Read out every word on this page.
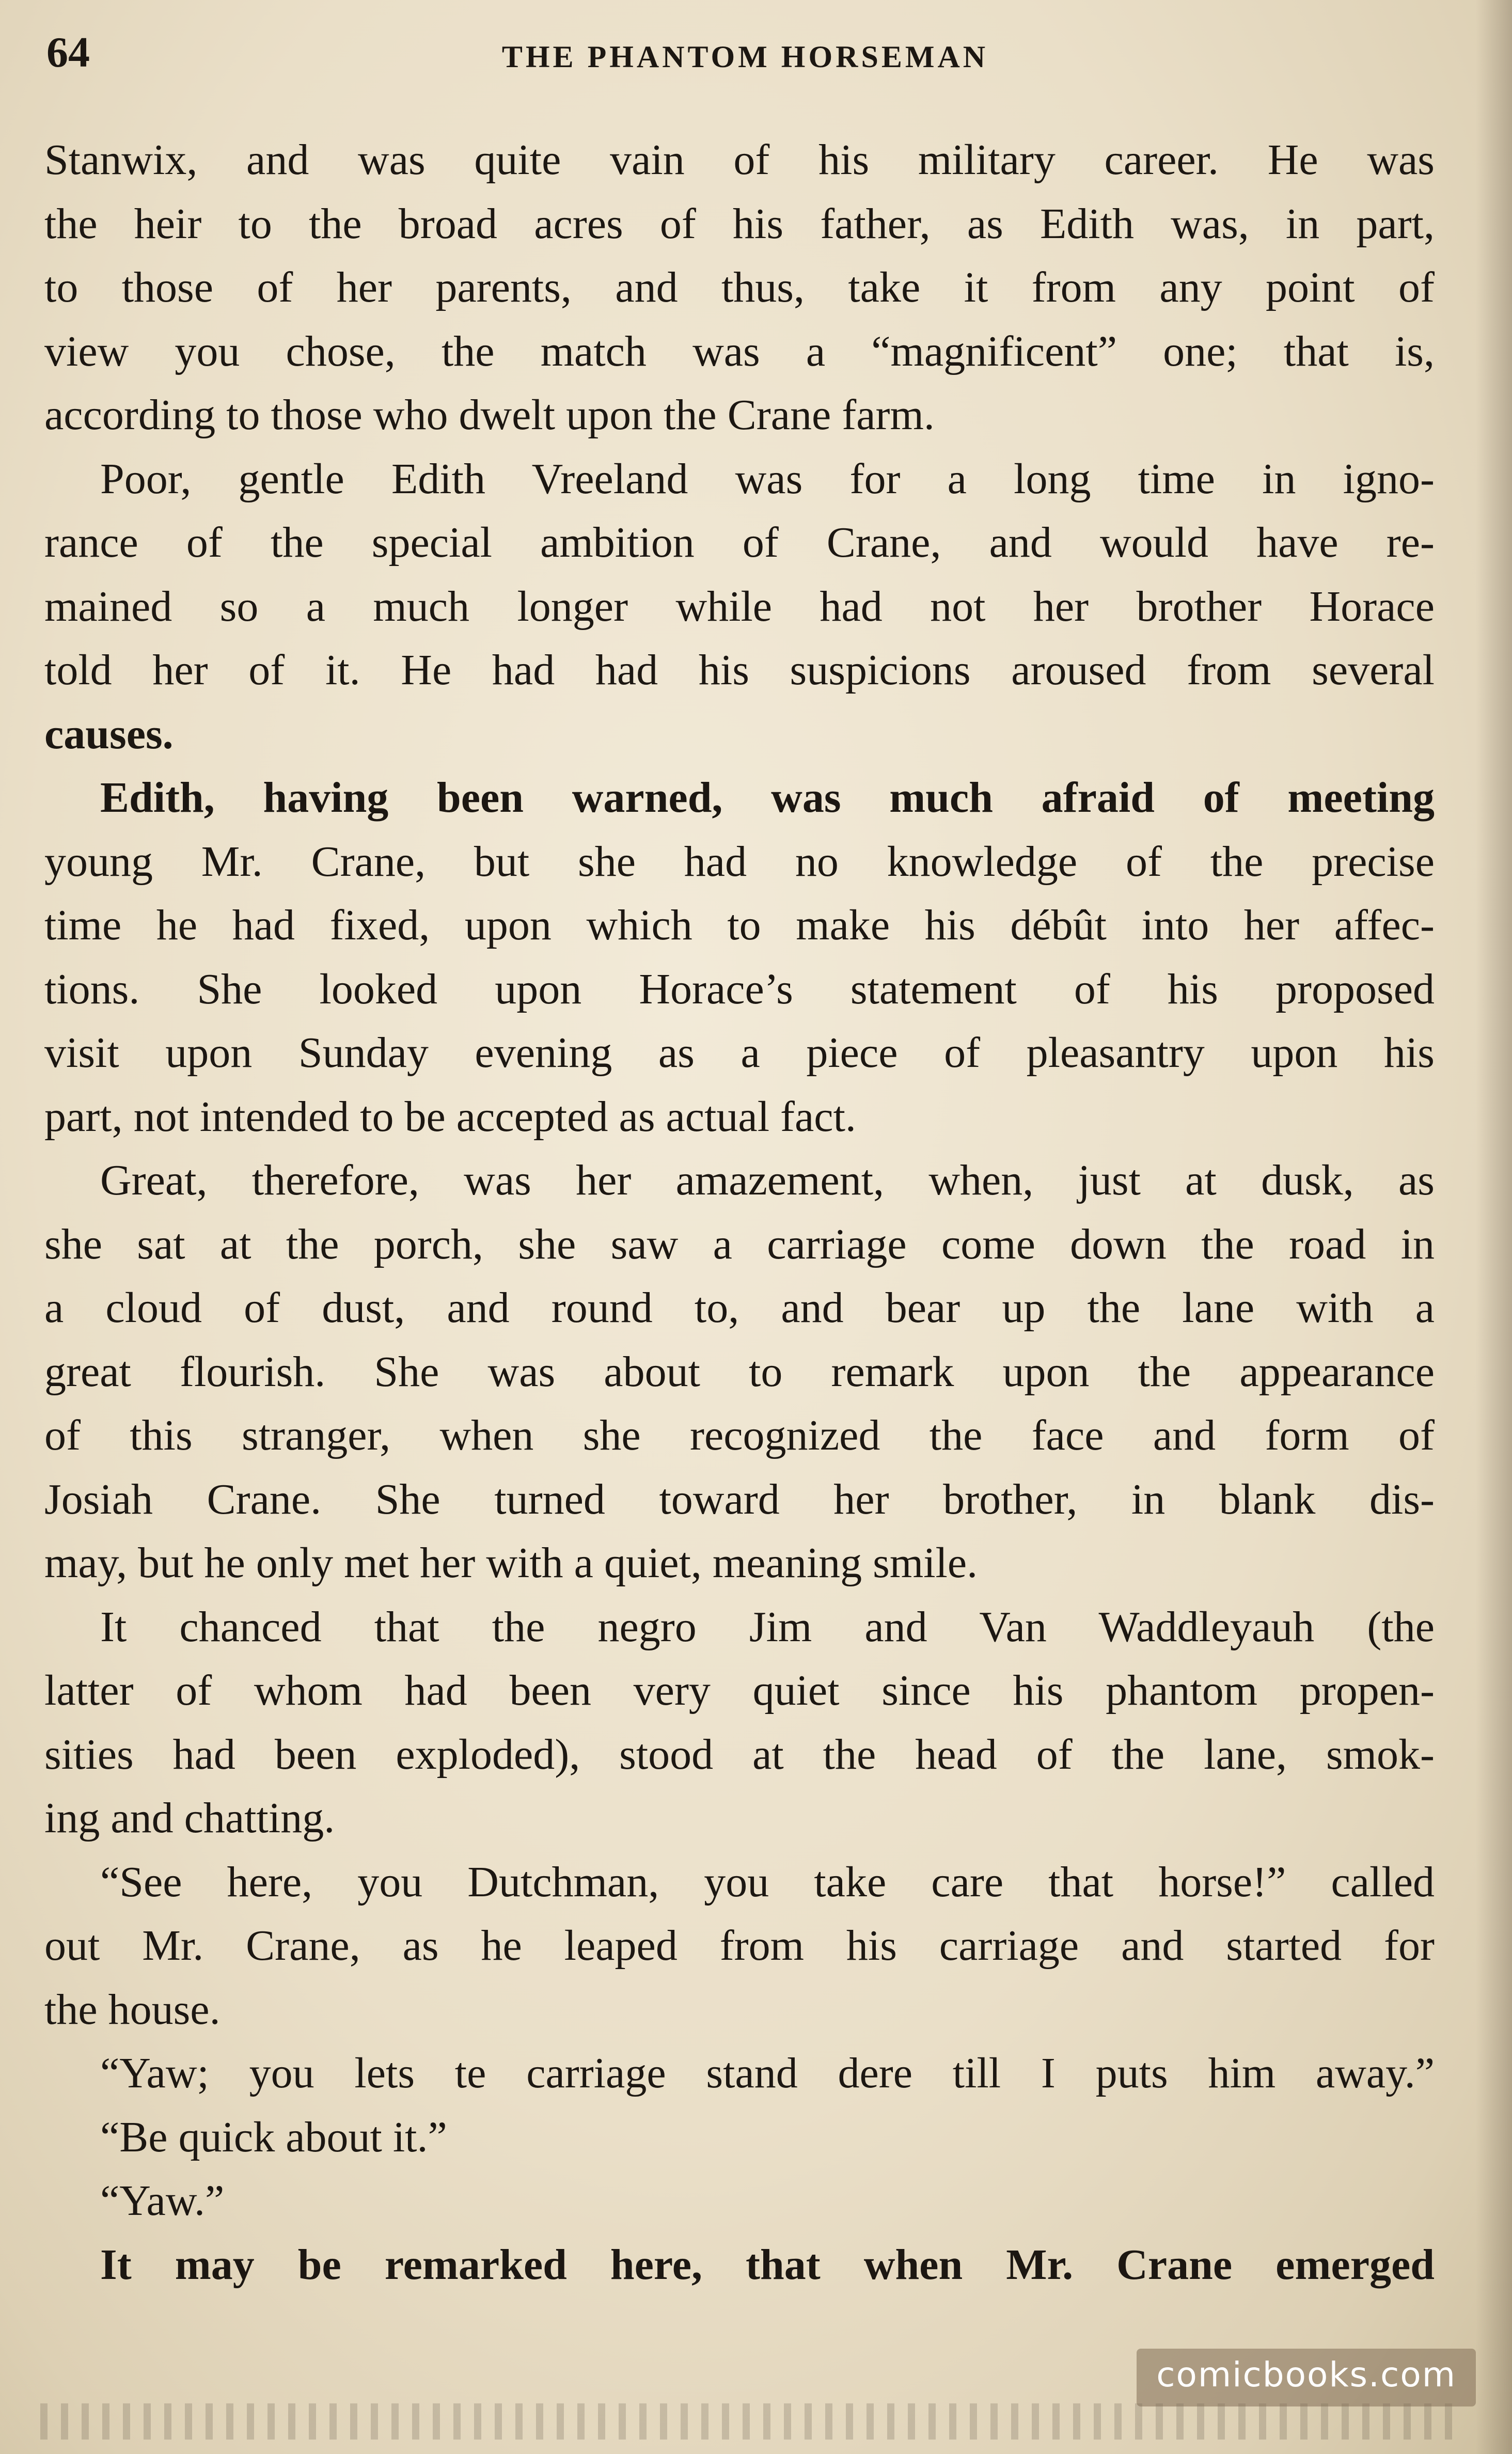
64	THE PHANTOM HORSEMAN
Stanwix, and was quite vain of his military career. He was
the heir to the broad acres of his father, as Edith was, in part,
to those of her parents, and thus, take it from any point of
view you chose, the match was a “magnificent” one; that is,
according to those who dwelt upon the Crane farm.
Poor, gentle Edith Vreeland was for a long time in igno-
rance of the special ambition of Crane, and would have re-
mained so a much longer while had not her brother Horace
told her of it. He had had his suspicions aroused from several
causes.
Edith, having been warned, was much afraid of meeting
young Mr. Crane, but she had no knowledge of the precise
time he had fixed, upon which to make his débût into her affec-
tions. She looked upon Horace’s statement of his proposed
visit upon Sunday evening as a piece of pleasantry upon his
part, not intended to be accepted as actual fact.
Great, therefore, was her amazement, when, just at dusk, as
she sat at the porch, she saw a carriage come down the road in
a cloud of dust, and round to, and bear up the lane with a
great flourish. She was about to remark upon the appearance
of this stranger, when she recognized the face and form of
Josiah Crane. She turned toward her brother, in blank dis-
may, but he only met her with a quiet, meaning smile.
It chanced that the negro Jim and Van Waddleyauh (the
latter of whom had been very quiet since his phantom propen-
sities had been exploded), stood at the head of the lane, smok-
ing and chatting.
“See here, you Dutchman, you take care that horse!” called
out Mr. Crane, as he leaped from his carriage and started for
the house.
“Yaw; you lets te carriage stand dere till I puts him away.”
“Be quick about it.”
“Yaw.”
It may be remarked here, that when Mr. Crane emerged
comicbooks.com
